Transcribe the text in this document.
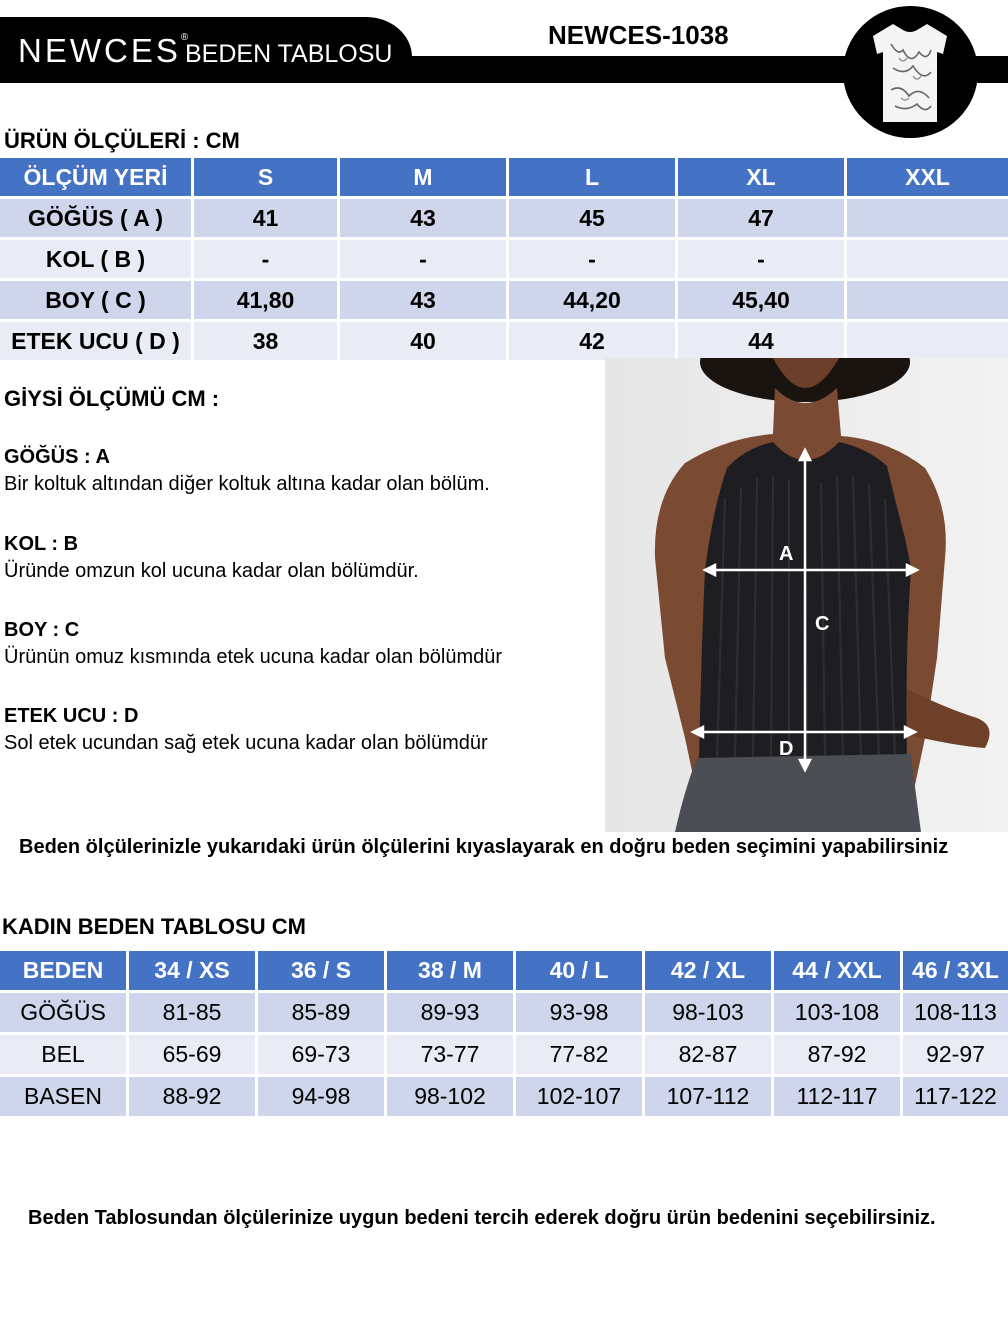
NEWCES®
BEDEN TABLOSU
NEWCES-1038
ÜRÜN ÖLÇÜLERİ : CM
ÖLÇÜM YERİ	S	M	L	XL	XXL
GÖĞÜS ( A )	41	43	45	47	
KOL ( B )	-	-	-	-	
BOY ( C )	41,80	43	44,20	45,40	
ETEK UCU ( D )	38	40	42	44	
GİYSİ ÖLÇÜMÜ CM :
GÖĞÜS : A
Bir koltuk altından diğer koltuk altına kadar olan bölüm.
KOL : B
Üründe omzun kol ucuna kadar olan bölümdür.
BOY : C
Ürünün omuz kısmında etek ucuna kadar olan bölümdür
ETEK UCU : D
Sol etek ucundan sağ etek ucuna kadar olan bölümdür
A
C
D
Beden ölçülerinizle yukarıdaki ürün ölçülerini kıyaslayarak en doğru beden seçimini yapabilirsiniz
KADIN BEDEN TABLOSU CM
BEDEN	34 / XS	36 / S	38 / M	40 / L	42 / XL	44 / XXL	46 / 3XL
GÖĞÜS	81-85	85-89	89-93	93-98	98-103	103-108	108-113
BEL	65-69	69-73	73-77	77-82	82-87	87-92	92-97
BASEN	88-92	94-98	98-102	102-107	107-112	112-117	117-122
Beden Tablosundan ölçülerinize uygun bedeni tercih ederek doğru ürün bedenini seçebilirsiniz.
